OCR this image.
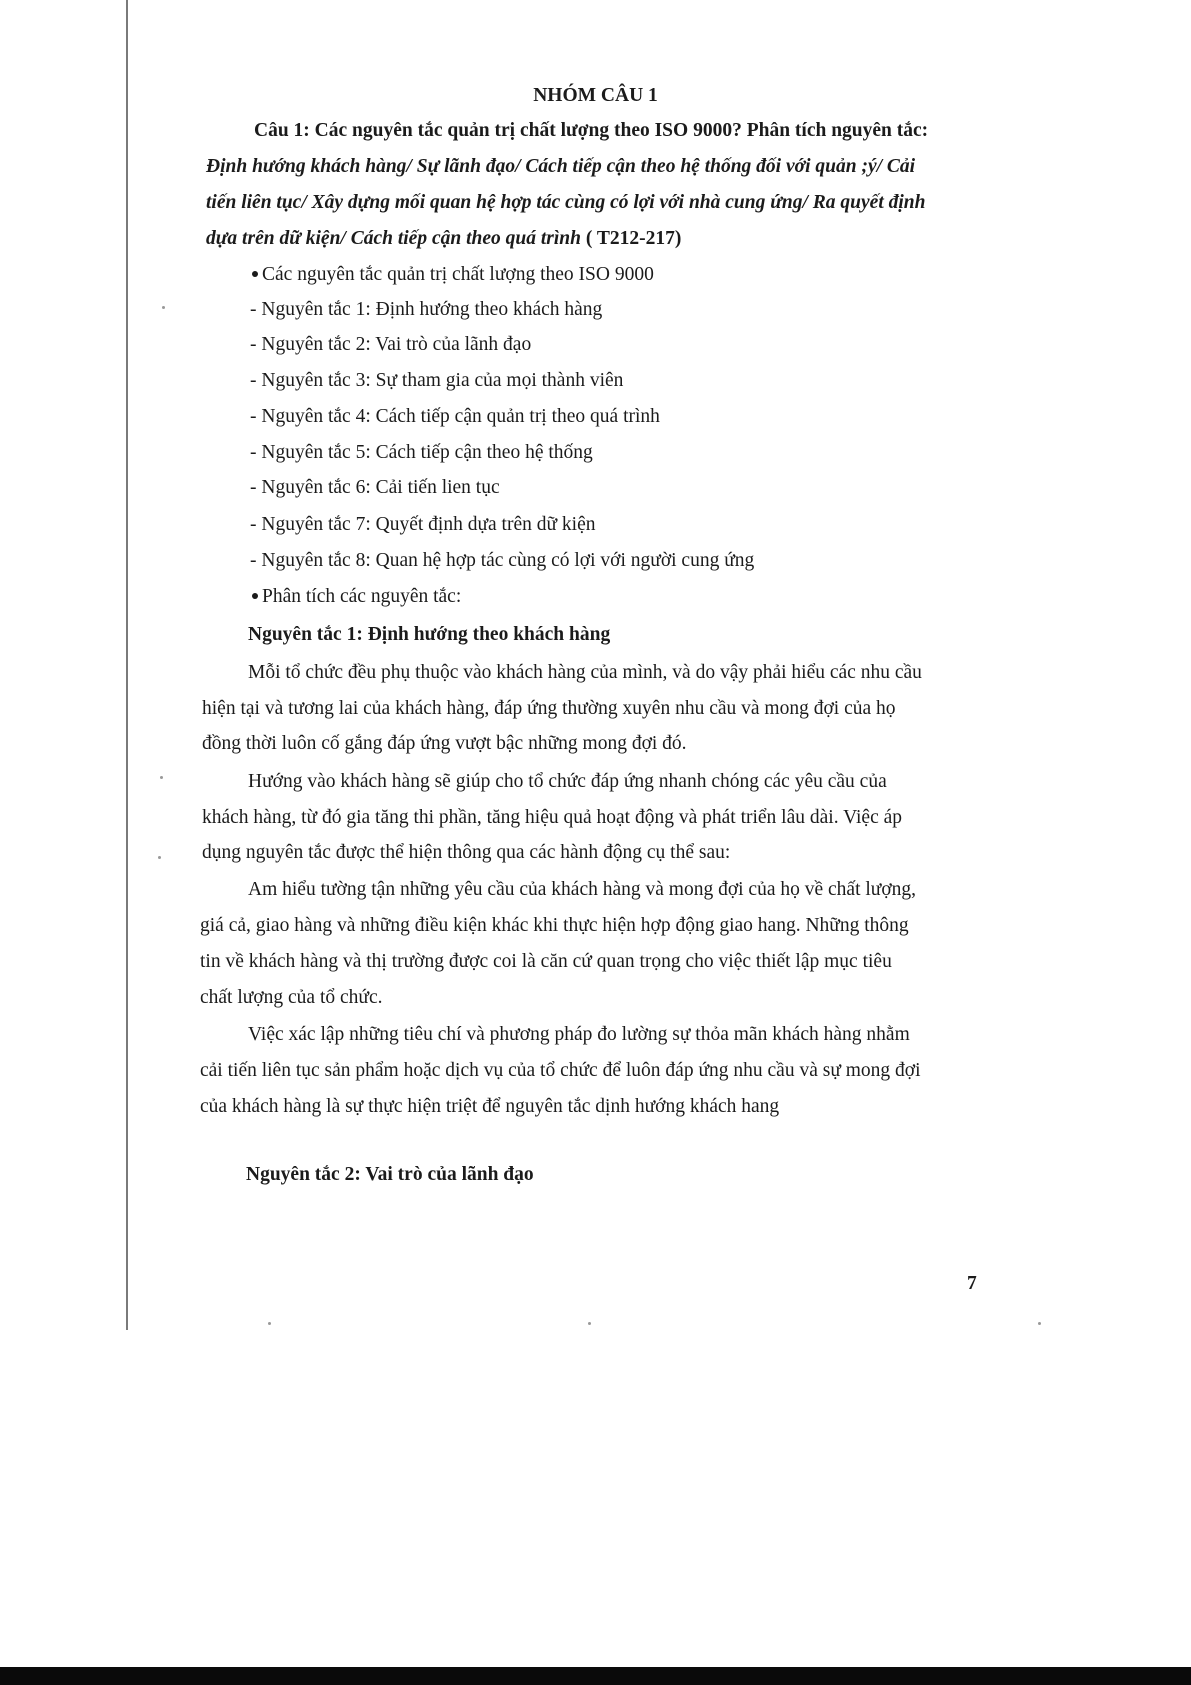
NHÓM CÂU 1
Câu 1: Các nguyên tắc quản trị chất lượng theo ISO 9000? Phân tích nguyên tắc:
Định hướng khách hàng/ Sự lãnh đạo/ Cách tiếp cận theo hệ thống đối với quản ;ý/ Cải
tiến liên tục/ Xây dựng mối quan hệ hợp tác cùng có lợi với nhà cung ứng/ Ra quyết định
dựa trên dữ kiện/ Cách tiếp cận theo quá trình ( T212-217)
Các nguyên tắc quản trị chất lượng theo ISO 9000
- Nguyên tắc 1: Định hướng theo khách hàng
- Nguyên tắc 2: Vai trò của lãnh đạo
- Nguyên tắc 3: Sự tham gia của mọi thành viên
- Nguyên tắc 4: Cách tiếp cận quản trị theo quá trình
- Nguyên tắc 5: Cách tiếp cận theo hệ thống
- Nguyên tắc 6: Cải tiến lien tục
- Nguyên tắc 7: Quyết định dựa trên dữ kiện
- Nguyên tắc 8: Quan hệ hợp tác cùng có lợi với người cung ứng
Phân tích các nguyên tắc:
Nguyên tắc 1: Định hướng theo khách hàng
Mỗi tổ chức đều phụ thuộc vào khách hàng của mình, và do vậy phải hiểu các nhu cầu
hiện tại và tương lai của khách hàng, đáp ứng thường xuyên nhu cầu và mong đợi của họ
đồng thời luôn cố gắng đáp ứng vượt bậc những mong đợi đó.
Hướng vào khách hàng sẽ giúp cho tổ chức đáp ứng nhanh chóng các yêu cầu của
khách hàng, từ đó gia tăng thi phần, tăng hiệu quả hoạt động và phát triển lâu dài. Việc áp
dụng nguyên tắc được thể hiện thông qua các hành động cụ thể sau:
Am hiểu tường tận những yêu cầu của khách hàng và mong đợi của họ về chất lượng,
giá cả, giao hàng và những điều kiện khác khi thực hiện hợp động giao hang. Những thông
tin về khách hàng và thị trường được coi là căn cứ quan trọng cho việc thiết lập mục tiêu
chất lượng của tổ chức.
Việc xác lập những tiêu chí và phương pháp đo lường sự thỏa mãn khách hàng nhằm
cải tiến liên tục sản phẩm hoặc dịch vụ của tổ chức để luôn đáp ứng nhu cầu và sự mong đợi
của khách hàng là sự thực hiện triệt để nguyên tắc dịnh hướng khách hang
Nguyên tắc 2: Vai trò của lãnh đạo
7
